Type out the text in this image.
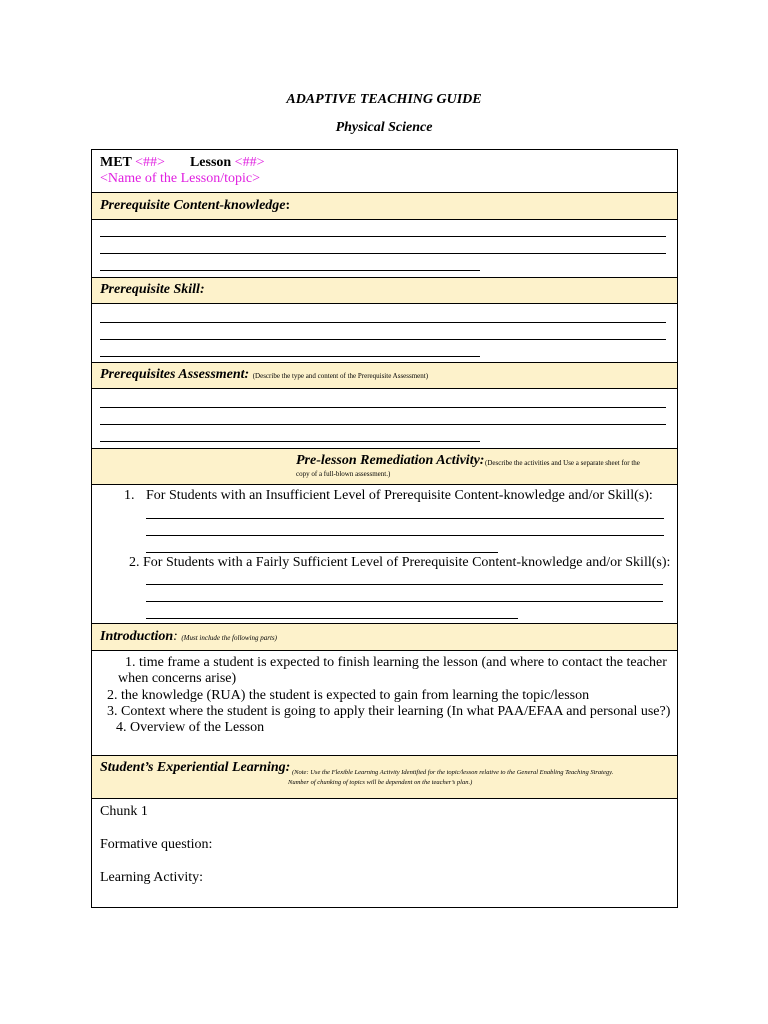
ADAPTIVE TEACHING GUIDE
Physical Science
MET <##> Lesson <##>
<Name of the Lesson/topic>
Prerequisite Content-knowledge:
Prerequisite Skill:
Prerequisites Assessment: (Describe the type and content of the Prerequisite Assessment)
Pre-lesson Remediation Activity: (Describe the activities and Use a separate sheet for the
copy of a full-blown assessment.)
1. For Students with an Insufficient Level of Prerequisite Content-knowledge and/or Skill(s):
2. For Students with a Fairly Sufficient Level of Prerequisite Content-knowledge and/or Skill(s):
Introduction: (Must include the following parts)
1. time frame a student is expected to finish learning the lesson (and where to contact the teacher
when concerns arise)
2. the knowledge (RUA) the student is expected to gain from learning the topic/lesson
3. Context where the student is going to apply their learning (In what PAA/EFAA and personal use?)
4. Overview of the Lesson
Student’s Experiential Learning: (Note: Use the Flexible Learning Activity Identified for the topic/lesson relative to the General Enabling Teaching Strategy.
Number of chunking of topics will be dependent on the teacher’s plan.)
Chunk 1
Formative question:
Learning Activity:
